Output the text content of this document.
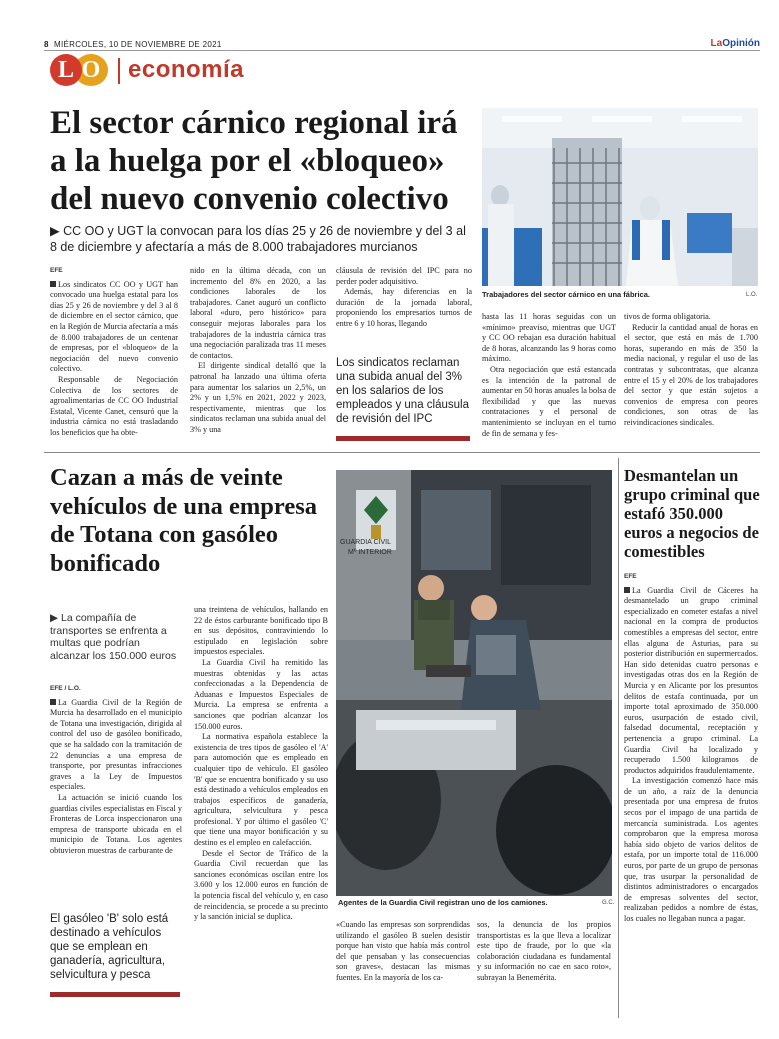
8 MIÉRCOLES, 10 DE NOVIEMBRE DE 2021	LaOpinión
O
L	economía
El sector cárnico regional irá a la huelga por el «bloqueo» del nuevo convenio colectivo
▶ CC OO y UGT la convocan para los días 25 y 26 de noviembre y del 3 al 8 de diciembre y afectaría a más de 8.000 trabajadores murcianos
Trabajadores del sector cárnico en una fábrica.	L.O.
EFE

Los sindicatos CC OO y UGT han convocado una huelga estatal para los días 25 y 26 de noviembre y del 3 al 8 de diciembre en el sector cárnico, que en la Región de Murcia afectaría a más de 8.000 trabajadores de un centenar de empresas, por el «bloqueo» de la negociación del nuevo convenio colectivo.

Responsable de Negociación Colectiva de los sectores de agroalimentarias de CC OO Industrial Estatal, Vicente Canet, censuró que la industria cárnica no está trasladando los beneficios que ha obte-

nido en la última década, con un incremento del 8% en 2020, a las condiciones laborales de los trabajadores. Canet auguró un conflicto laboral «duro, pero histórico» para conseguir mejoras laborales para los trabajadores de la industria cárnica tras una negociación paralizada tras 11 meses de contactos.

El dirigente sindical detalló que la patronal ha lanzado una última oferta para aumentar los salarios un 2,5%, un 2% y un 1,5% en 2021, 2022 y 2023, respectivamente, mientras que los sindicatos reclaman una subida anual del 3% y una

cláusula de revisión del IPC para no perder poder adquisitivo.

Además, hay diferencias en la duración de la jornada laboral, proponiendo los empresarios turnos de entre 6 y 10 horas, llegando

Los sindicatos reclaman una subida anual del 3% en los salarios de los empleados y una cláusula de revisión del IPC

hasta las 11 horas seguidas con un «mínimo» preaviso, mientras que UGT y CC OO rebajan esa duración habitual de 8 horas, alcanzando las 9 horas como máximo.

Otra negociación que está estancada es la intención de la patronal de aumentar en 50 horas anuales la bolsa de flexibilidad y que las nuevas contrataciones y el personal de mantenimiento se incluyan en el turno de fin de semana y fes-

tivos de forma obligatoria.

Reducir la cantidad anual de horas en el sector, que está en más de 1.700 horas, superando en más de 350 la media nacional, y regular el uso de las contratas y subcontratas, que alcanza entre el 15 y el 20% de los trabajadores del sector y que están sujetos a convenios de empresa con peores condiciones, son otras de las reivindicaciones sindicales.

Cazan a más de veinte vehículos de una empresa de Totana con gasóleo bonificado
▶ La compañía de transportes se enfrenta a multas que podrían alcanzar los 150.000 euros
EFE / L.O.

La Guardia Civil de la Región de Murcia ha desarrollado en el municipio de Totana una investigación, dirigida al control del uso de gasóleo bonificado, que se ha saldado con la tramitación de 22 denuncias a una empresa de transporte, por presuntas infracciones graves a la Ley de Impuestos especiales.

La actuación se inició cuando los guardias civiles especialistas en Fiscal y Fronteras de Lorca inspeccionaron una empresa de transporte ubicada en el municipio de Totana. Los agentes obtuvieron muestras de carburante de

El gasóleo 'B' solo está destinado a vehículos que se emplean en ganadería, agricultura, selvicultura y pesca

una treintena de vehículos, hallando en 22 de éstos carburante bonificado tipo B en sus depósitos, contraviniendo lo estipulado en legislación sobre impuestos especiales.

La Guardia Civil ha remitido las muestras obtenidas y las actas confeccionadas a la Dependencia de Aduanas e Impuestos Especiales de Murcia. La empresa se enfrenta a sanciones que podrían alcanzar los 150.000 euros.

La normativa española establece la existencia de tres tipos de gasóleo el 'A' para automoción que es empleado en cualquier tipo de vehículo. El gasóleo 'B' que se encuentra bonificado y su uso está destinado a vehículos empleados en trabajos específicos de ganadería, agricultura, selvicultura y pesca profesional. Y por último el gasóleo 'C' que tiene una mayor bonificación y su destino es el empleo en calefacción.

Desde el Sector de Tráfico de la Guardia Civil recuerdan que las sanciones económicas oscilan entre los 3.600 y los 12.000 euros en función de la potencia fiscal del vehículo y, en caso de reincidencia, se procede a su precinto y la sanción inicial se duplica.

GUARDIA CIVIL
Mº INTERIOR
Agentes de la Guardia Civil registran uno de los camiones.	G.C.

«Cuando las empresas son sorprendidas utilizando el gasóleo B suelen desistir porque han visto que había más control del que pensaban y las consecuencias son graves», destacan las mismas fuentes. En la mayoría de los ca-

sos, la denuncia de los propios transportistas es la que lleva a localizar este tipo de fraude, por lo que «la colaboración ciudadana es fundamental y su información no cae en saco roto», subrayan la Benemérita.

Desmantelan un grupo criminal que estafó 350.000 euros a negocios de comestibles
EFE

La Guardia Civil de Cáceres ha desmantelado un grupo criminal especializado en cometer estafas a nivel nacional en la compra de productos comestibles a empresas del sector, entre ellas alguna de Asturias, para su posterior distribución en supermercados. Han sido detenidas cuatro personas e investigadas otras dos en la Región de Murcia y en Alicante por los presuntos delitos de estafa continuada, por un importe total aproximado de 350.000 euros, usurpación de estado civil, falsedad documental, receptación y pertenencia a grupo criminal. La Guardia Civil ha localizado y recuperado 1.500 kilogramos de productos adquiridos fraudulentamente.

La investigación comenzó hace más de un año, a raíz de la denuncia presentada por una empresa de frutos secos por el impago de una partida de mercancía suministrada. Los agentes comprobaron que la empresa morosa había sido objeto de varios delitos de estafa, por un importe total de 116.000 euros, por parte de un grupo de personas que, tras usurpar la personalidad de distintos administradores o encargados de empresas solventes del sector, realizaban pedidos a nombre de éstas, los cuales no llegaban nunca a pagar.
